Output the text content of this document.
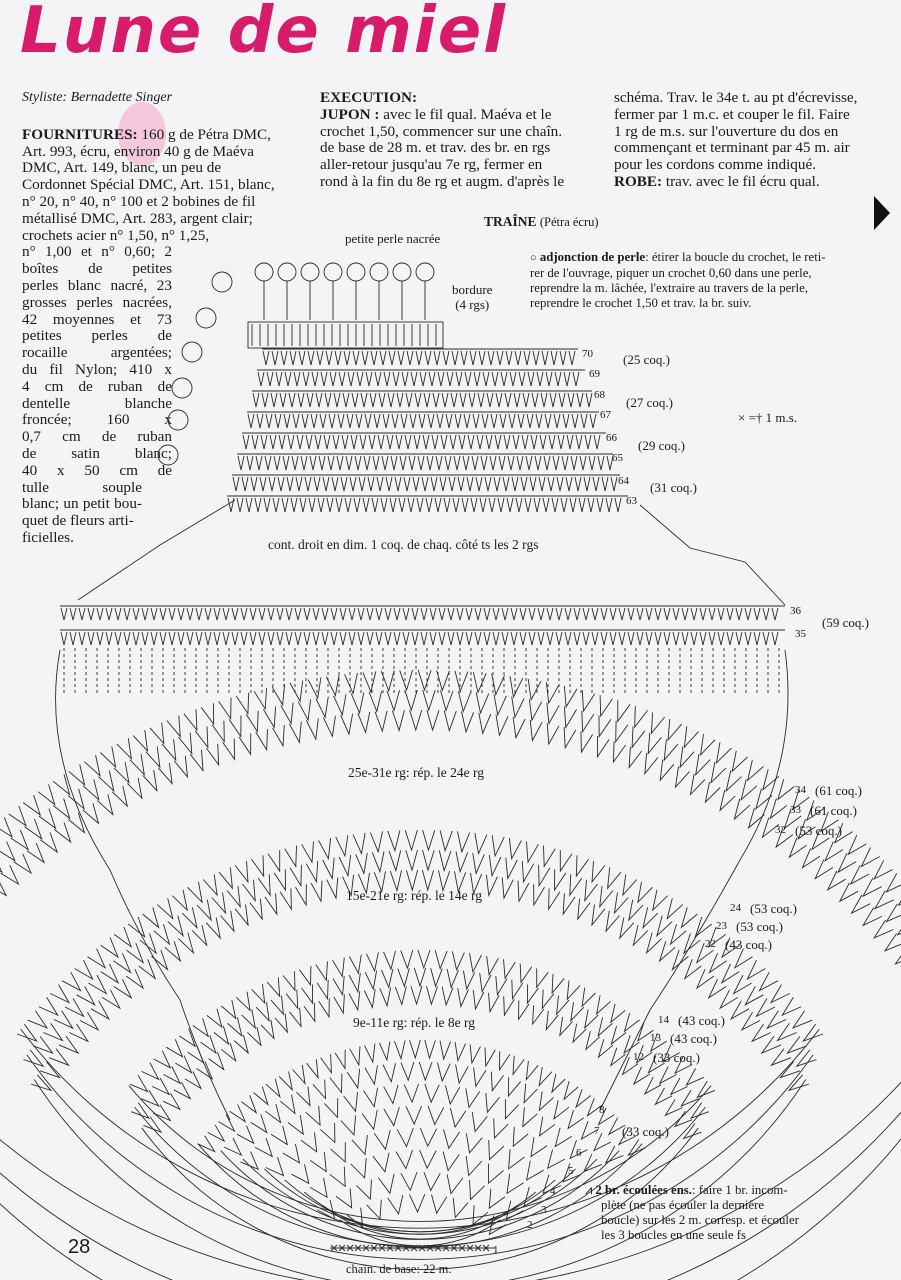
Lune de miel

Styliste: Bernadette Singer

FOURNITURES: 160 g de Pétra DMC,

Art. 993, écru, environ 40 g de Maéva

DMC, Art. 149, blanc, un peu de

Cordonnet Spécial DMC, Art. 151, blanc,

n° 20, n° 40, n° 100 et 2 bobines de fil

métallisé DMC, Art. 283, argent clair;

crochets acier n° 1,50, n° 1,25,

n° 1,00 et n° 0,60; 2

boîtes de petites

perles blanc nacré, 23

grosses perles nacrées,

42 moyennes et 73

petites perles de

rocaille argentées;

du fil Nylon; 410 x

4 cm de ruban de

dentelle blanche

froncée; 160 x

0,7 cm de ruban

de satin blanc;

40 x 50 cm de

tulle souple

blanc; un petit bou-

quet de fleurs arti-

ficielles.

EXECUTION:

JUPON : avec le fil qual. Maéva et le

crochet 1,50, commencer sur une chaîn.

de base de 28 m. et trav. des br. en rgs

aller-retour jusqu'au 7e rg, fermer en

rond à la fin du 8e rg et augm. d'après le

schéma. Trav. le 34e t. au pt d'écrevisse,

fermer par 1 m.c. et couper le fil. Faire

1 rg de m.s. sur l'ouverture du dos en

commençant et terminant par 45 m. air

pour les cordons comme indiqué.

ROBE: trav. avec le fil écru qual.

TRAÎNE (Pétra écru)
○ adjonction de perle: étirer la boucle du crochet, le reti-
rer de l'ouvrage, piquer un crochet 0,60 dans une perle,
reprendre la m. lâchée, l'extraire au travers de la perle,
reprendre le crochet 1,50 et trav. la br. suiv.
petite perle nacrée
bordure
(4 rgs)
× =† 1 m.s.
cont. droit en dim. 1 coq. de chaq. côté ts les 2 rgs
25e-31e rg: rép. le 24e rg
15e-21e rg: rép. le 14e rg
9e-11e rg: rép. le 8e rg
chaîn. de base: 22 m.
⩘ 2 br. écoulées ens.: faire 1 br. incom-
plète (ne pas écouler la dernière
boucle) sur les 2 m. corresp. et écouler
les 3 boucles en une seule fs
70 (25 coq.)
69
68 (27 coq.)
67
66 (29 coq.)
65
64 (31 coq.)
63
36
(59 coq.)
35
34 (61 coq.)
33 (61 coq.)
32 (53 coq.)
24 (53 coq.)
23 (53 coq.)
22 (43 coq.)
14 (43 coq.)
13 (43 coq.)
12 (33 coq.)
8
7 (33 coq.)
6
5
4
3
2
1
28
